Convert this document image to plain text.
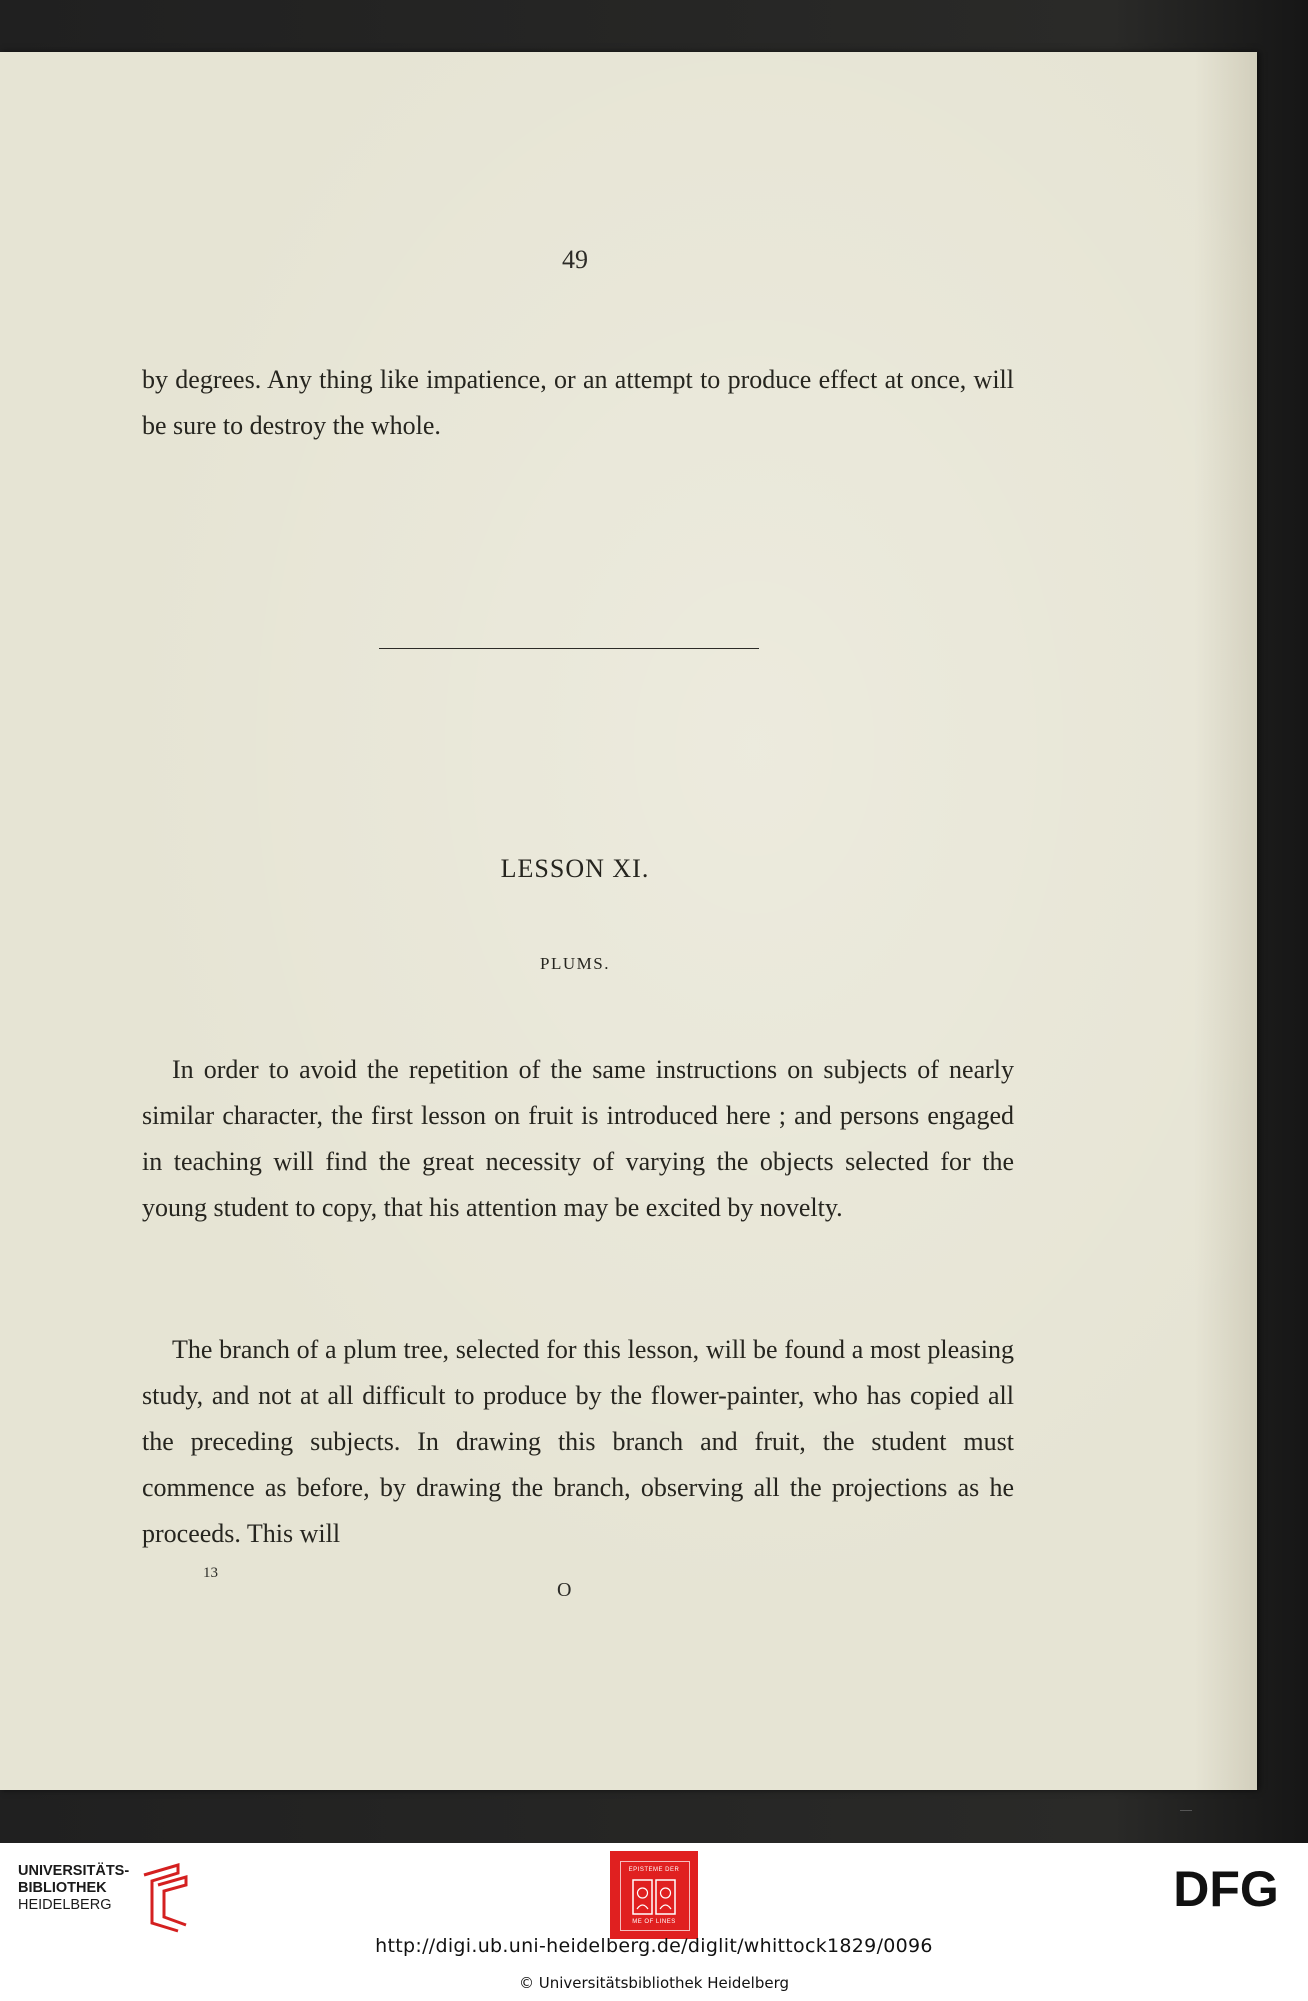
49

by degrees. Any thing like impatience, or an attempt to produce effect at once, will be sure to destroy the whole.

LESSON XI.
PLUMS.

In order to avoid the repetition of the same instructions on subjects of nearly similar character, the first lesson on fruit is introduced here ; and persons engaged in teaching will find the great necessity of varying the objects selected for the young student to copy, that his attention may be excited by novelty.

The branch of a plum tree, selected for this lesson, will be found a most pleasing study, and not at all difficult to produce by the flower-painter, who has copied all the preceding subjects. In drawing this branch and fruit, the student must commence as before, by drawing the branch, observing all the projections as he proceeds. This will

13
O
UNIVERSITÄTS-
BIBLIOTHEK
HEIDELBERG
EPISTEME DER
ME OF LINES
DFG
http://digi.ub.uni-heidelberg.de/diglit/whittock1829/0096
© Universitätsbibliothek Heidelberg
